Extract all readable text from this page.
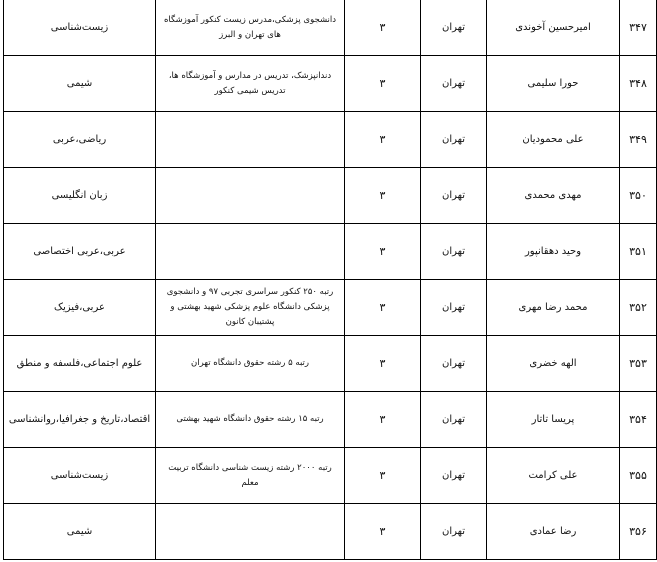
۳۴۷	امیرحسین آخوندی	تهران	۳	دانشجوی پزشکی،مدرس زیست کنکور آموزشگاه های تهران و البرز	زیست‌شناسی
۳۴۸	حورا سلیمی	تهران	۳	دندانپزشک، تدریس در مدارس و آموزشگاه ها، تدریس شیمی کنکور	شیمی
۳۴۹	علی محمودیان	تهران	۳		ریاضی،عربی
۳۵۰	مهدی محمدی	تهران	۳		زبان انگلیسی
۳۵۱	وحید دهقانپور	تهران	۳		عربی،عربی اختصاصی
۳۵۲	محمد رضا مهری	تهران	۳	رتبه ۲۵۰ کنکور سراسری تجربی ۹۷ و دانشجوی پزشکی دانشگاه علوم پزشکی شهید بهشتی و پشتیبان کانون	عربی،فیزیک
۳۵۳	الهه خضری	تهران	۳	رتبه ۵ رشته حقوق دانشگاه تهران	علوم اجتماعی،فلسفه و منطق
۳۵۴	پریسا تاتار	تهران	۳	رتبه ۱۵ رشته حقوق دانشگاه شهید بهشتی	اقتصاد،تاریخ و جغرافیا،روانشناسی
۳۵۵	علی کرامت	تهران	۳	رتبه ۲۰۰۰ رشته زیست شناسی دانشگاه تربیت معلم	زیست‌شناسی
۳۵۶	رضا عمادی	تهران	۳		شیمی
